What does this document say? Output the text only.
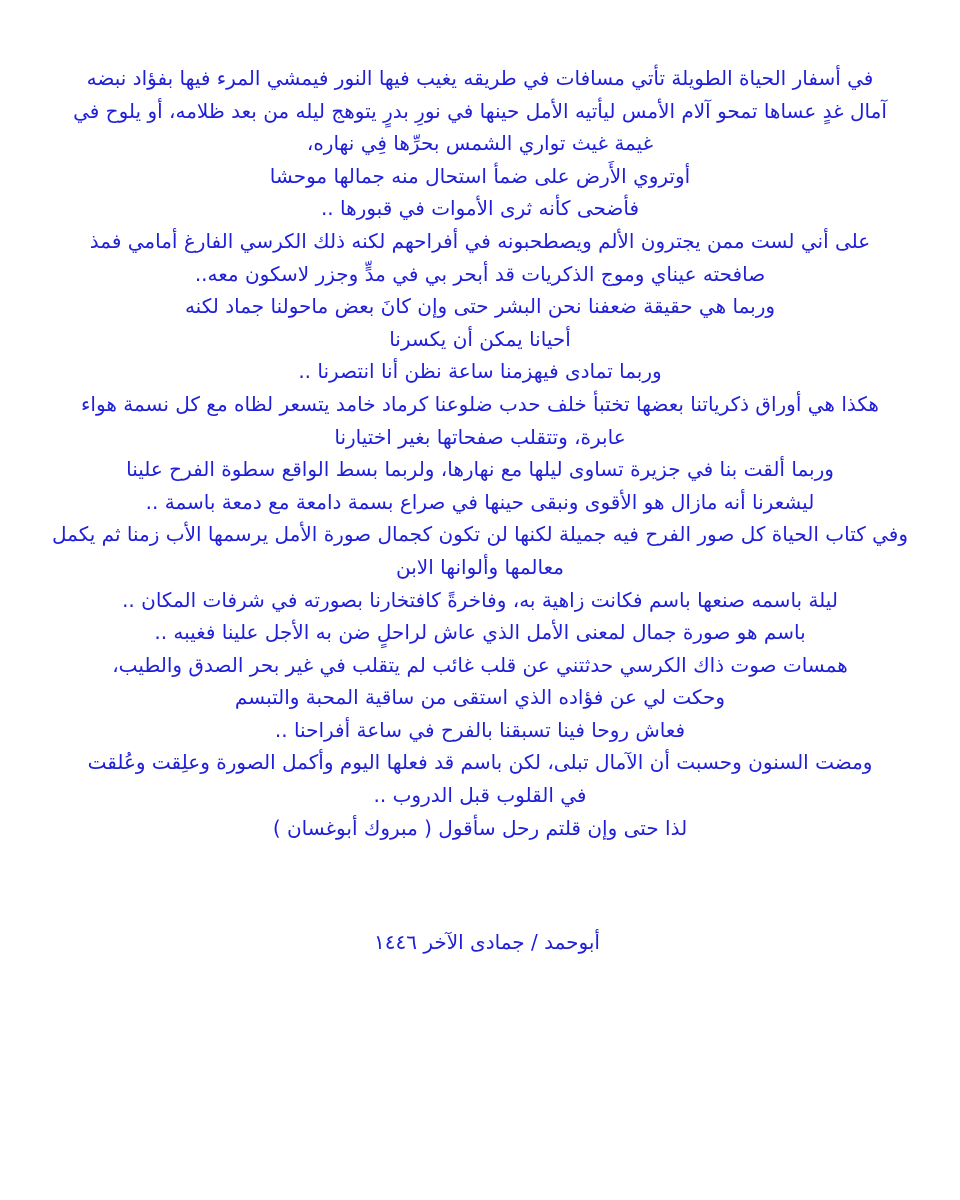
في أسفار الحياة الطويلة تأتي مسافات في طريقه يغيب فيها النور فيمشي المرء فيها بفؤاد نبضه
آمال غدٍ عساها تمحو آلام الأمس ليأتيه الأمل حينها في نورِ بدرٍ يتوهج ليله من بعد ظلامه، أو يلوح في
غيمة غيث تواري الشمس بحرِّها فِي نهاره،
أوتروي الأَرض علی ضمأ استحال منه جمالها موحشا
فأضحى كأنه ثرى الأموات في قبورها ..
على أني لست ممن يجترون الألم ويصطحبونه في أفراحهم لكنه ذلك الكرسي الفارغ أمامي فمذ
صافحته عيناي وموج الذكريات قد أبحر بي في مدٍّ وجزر لاسكون معه..
وربما هي حقيقة ضعفنا نحن البشر حتى وإن كانَ بعض ماحولنا جماد لكنه
أحيانا يمكن أن يكسرنا
وربما تمادى فيهزمنا ساعة نظن أنا انتصرنا ..
هكذا هي أوراق ذكرياتنا بعضها تختبأ خلف حدب ضلوعنا كرماد خامد يتسعر لظاه مع كل نسمة هواء
عابرة، وتتقلب صفحاتها بغير اختيارنا
وربما ألقت بنا في جزيرة تساوى ليلها مع نهارها، ولربما بسط الواقع سطوة الفرح علينا
ليشعرنا أنه مازال هو الأقوى ونبقى حينها في صراع بسمة دامعة مع دمعة باسمة ..
وفي كتاب الحياة كل صور الفرح فيه جميلة لكنها لن تكون كجمال صورة الأمل يرسمها الأب زمنا ثم يكمل
معالمها وألوانها الابن
ليلة باسمه صنعها باسم فكانت زاهية به، وفاخرةً كافتخارنا بصورته في شرفات المكان ..
باسم هو صورة جمال لمعنى الأمل الذي عاش لراحلٍ ضن به الأجل علينا فغيبه ..
همسات صوت ذاك الكرسي حدثتني عن قلب غائب لم يتقلب في غير بحر الصدق والطيب،
وحكت لي عن فؤاده الذي استقى من ساقية المحبة والتبسم
فعاش روحا فينا تسبقنا بالفرح في ساعة أفراحنا ..
ومضت السنون وحسبت أن الآمال تبلى، لكن باسم قد فعلها اليوم وأكمل الصورة وعلِقت وعُلقت
في القلوب قبل الدروب ..
لذا حتى وإن قلتم رحل سأقول ( مبروك أبوغسان )
أبوحمد / جمادى الآخر ١٤٤٦
